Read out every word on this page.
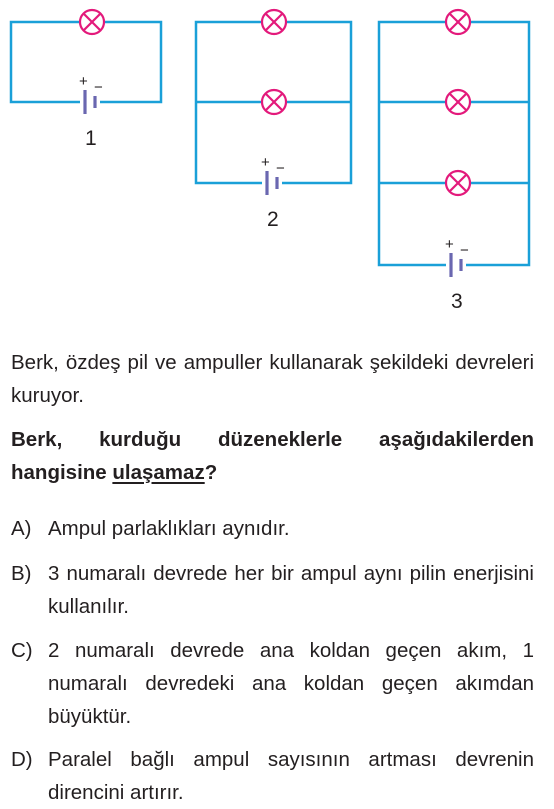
+ −
1
+ −
2
+ −
3
Berk, özdeş pil ve ampuller kullanarak şekildeki devreleri kuruyor.
Berk, kurduğu düzeneklerle aşağıdakilerden hangisine ulaşamaz?
A) Ampul parlaklıkları aynıdır.
B) 3 numaralı devrede her bir ampul aynı pilin enerjisini kullanılır.
C) 2 numaralı devrede ana koldan geçen akım, 1 numaralı devredeki ana koldan geçen akımdan büyüktür.
D) Paralel bağlı ampul sayısının artması devrenin direncini artırır.
